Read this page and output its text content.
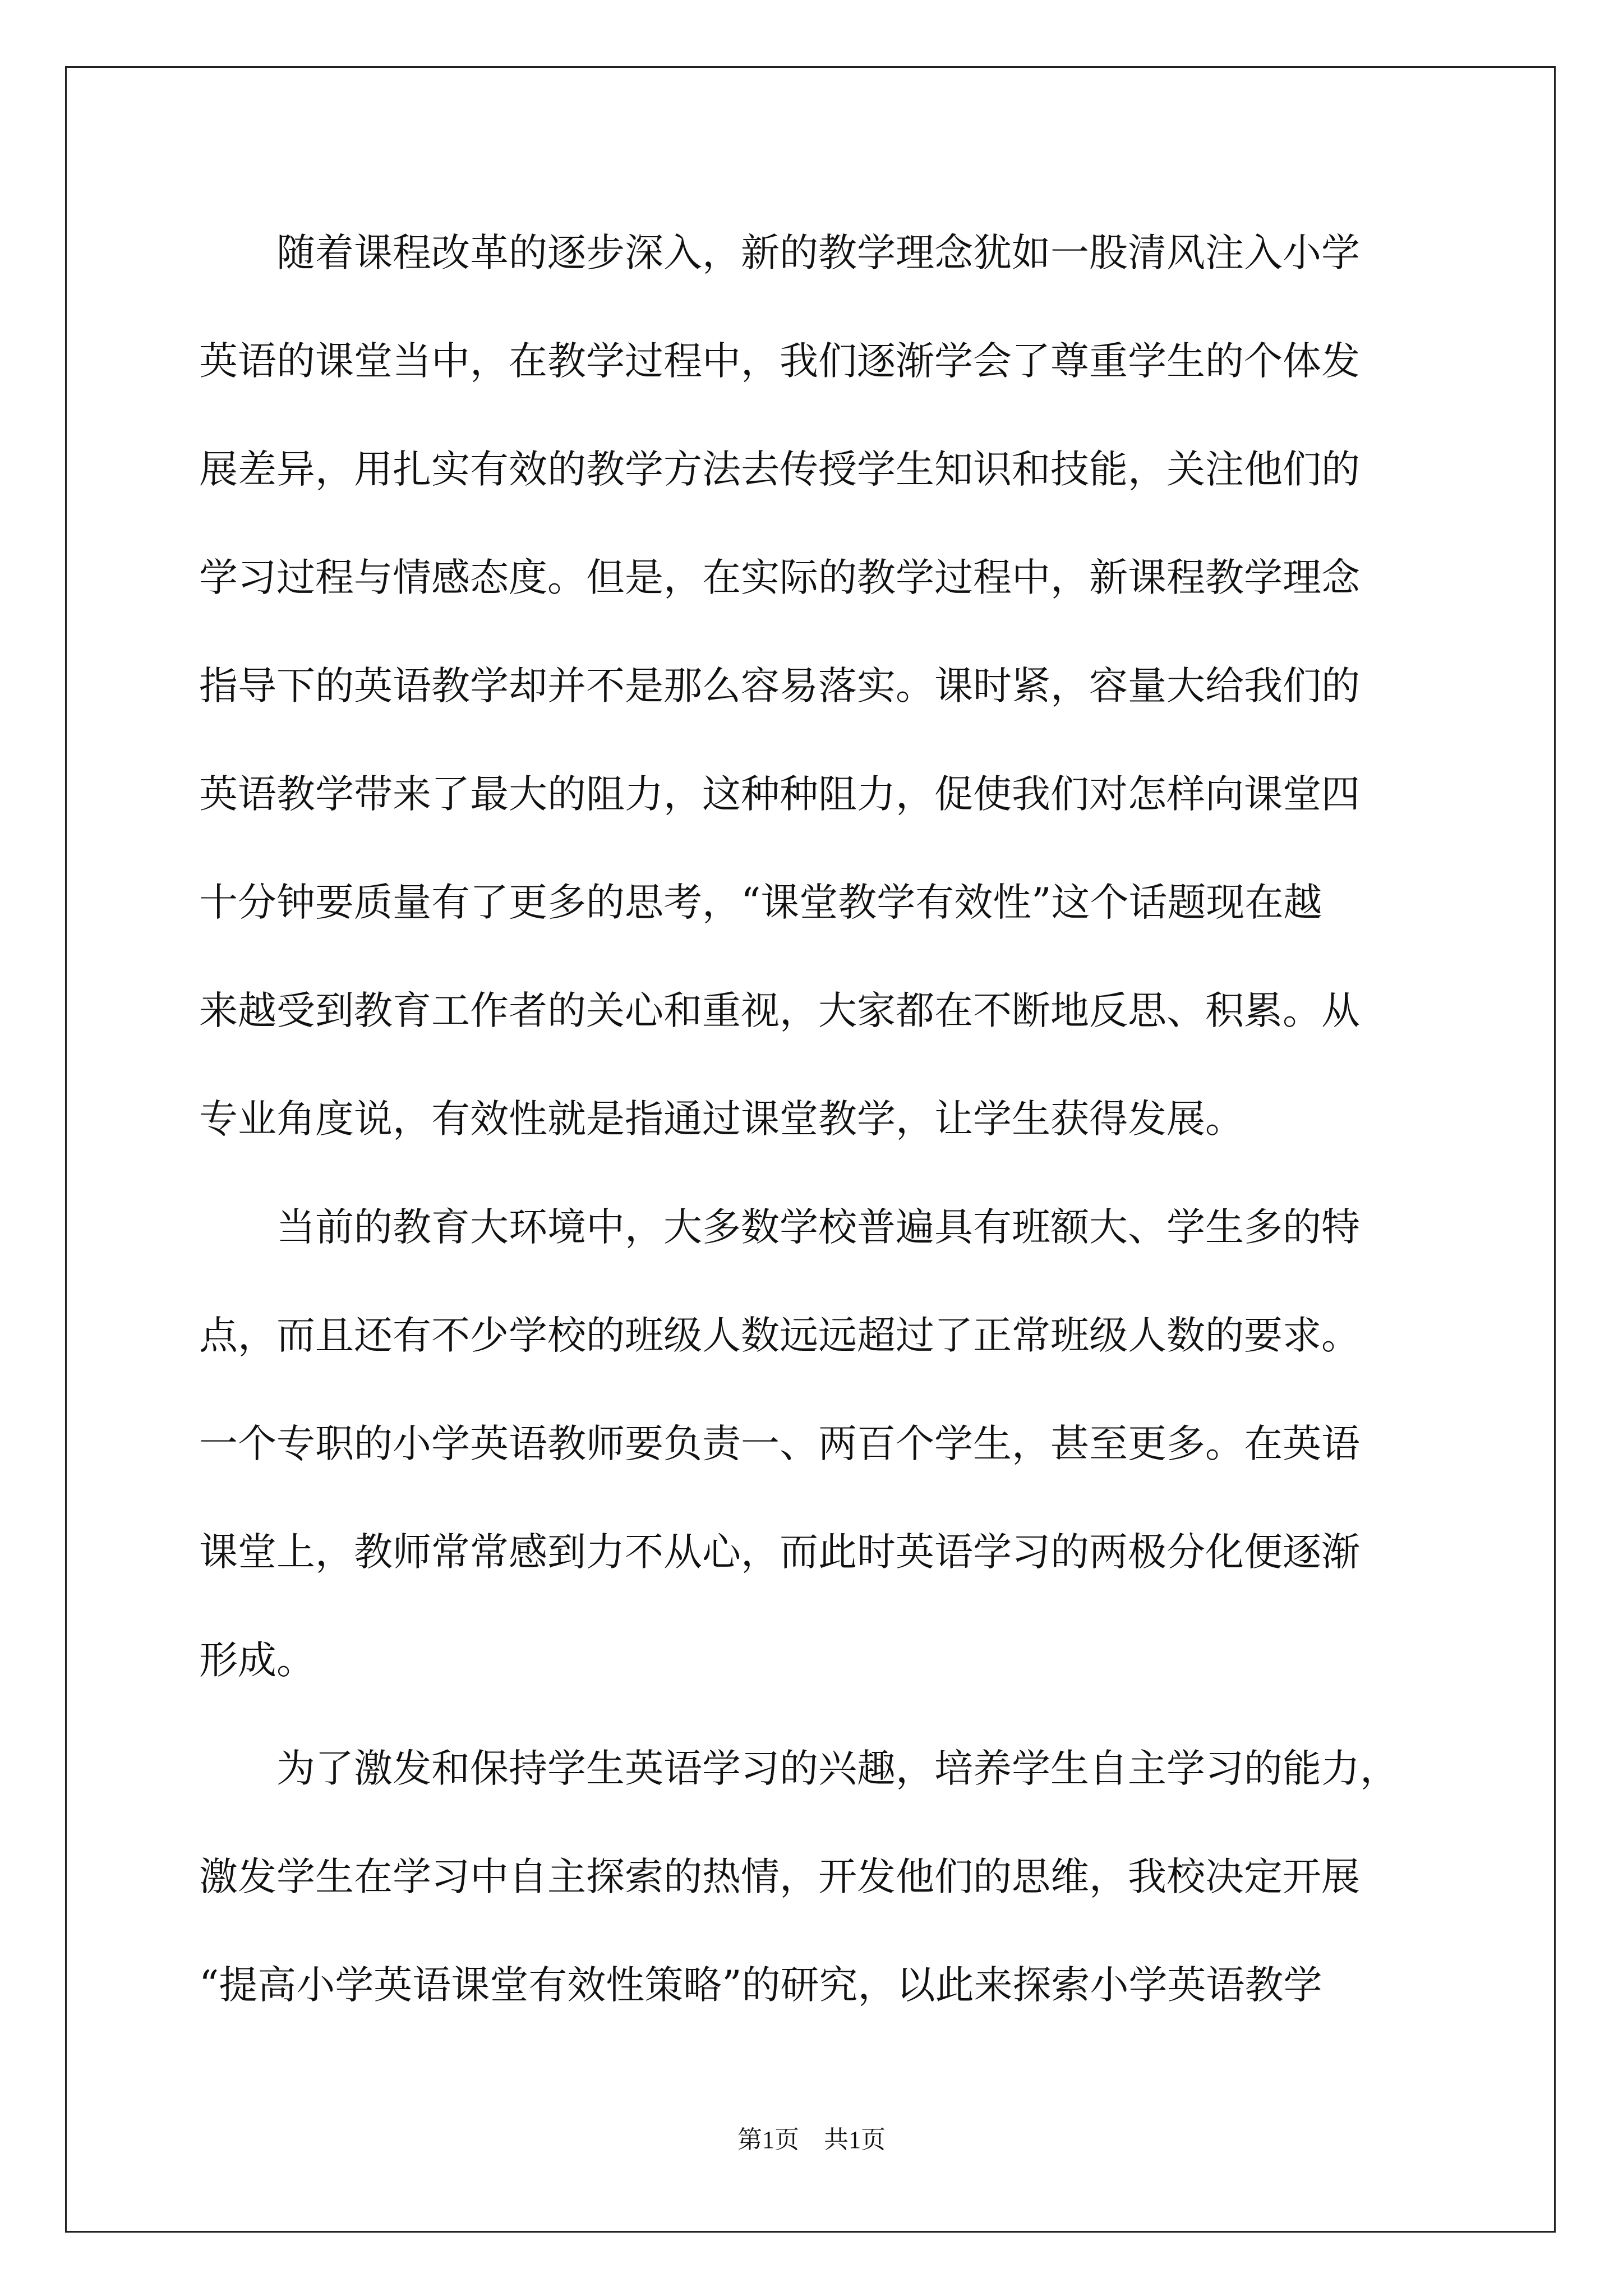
随着课程改革的逐步深入，新的教学理念犹如一股清风注入小学
英语的课堂当中，在教学过程中，我们逐渐学会了尊重学生的个体发
展差异，用扎实有效的教学方法去传授学生知识和技能，关注他们的
学习过程与情感态度。但是，在实际的教学过程中，新课程教学理念
指导下的英语教学却并不是那么容易落实。课时紧，容量大给我们的
英语教学带来了最大的阻力，这种种阻力，促使我们对怎样向课堂四
十分钟要质量有了更多的思考，“课堂教学有效性”这个话题现在越
来越受到教育工作者的关心和重视，大家都在不断地反思、积累。从
专业角度说，有效性就是指通过课堂教学，让学生获得发展。
当前的教育大环境中，大多数学校普遍具有班额大、学生多的特
点，而且还有不少学校的班级人数远远超过了正常班级人数的要求。
一个专职的小学英语教师要负责一、两百个学生，甚至更多。在英语
课堂上，教师常常感到力不从心，而此时英语学习的两极分化便逐渐
形成。
为了激发和保持学生英语学习的兴趣，培养学生自主学习的能力，
激发学生在学习中自主探索的热情，开发他们的思维，我校决定开展
“提高小学英语课堂有效性策略”的研究，以此来探索小学英语教学
第1页 共1页
